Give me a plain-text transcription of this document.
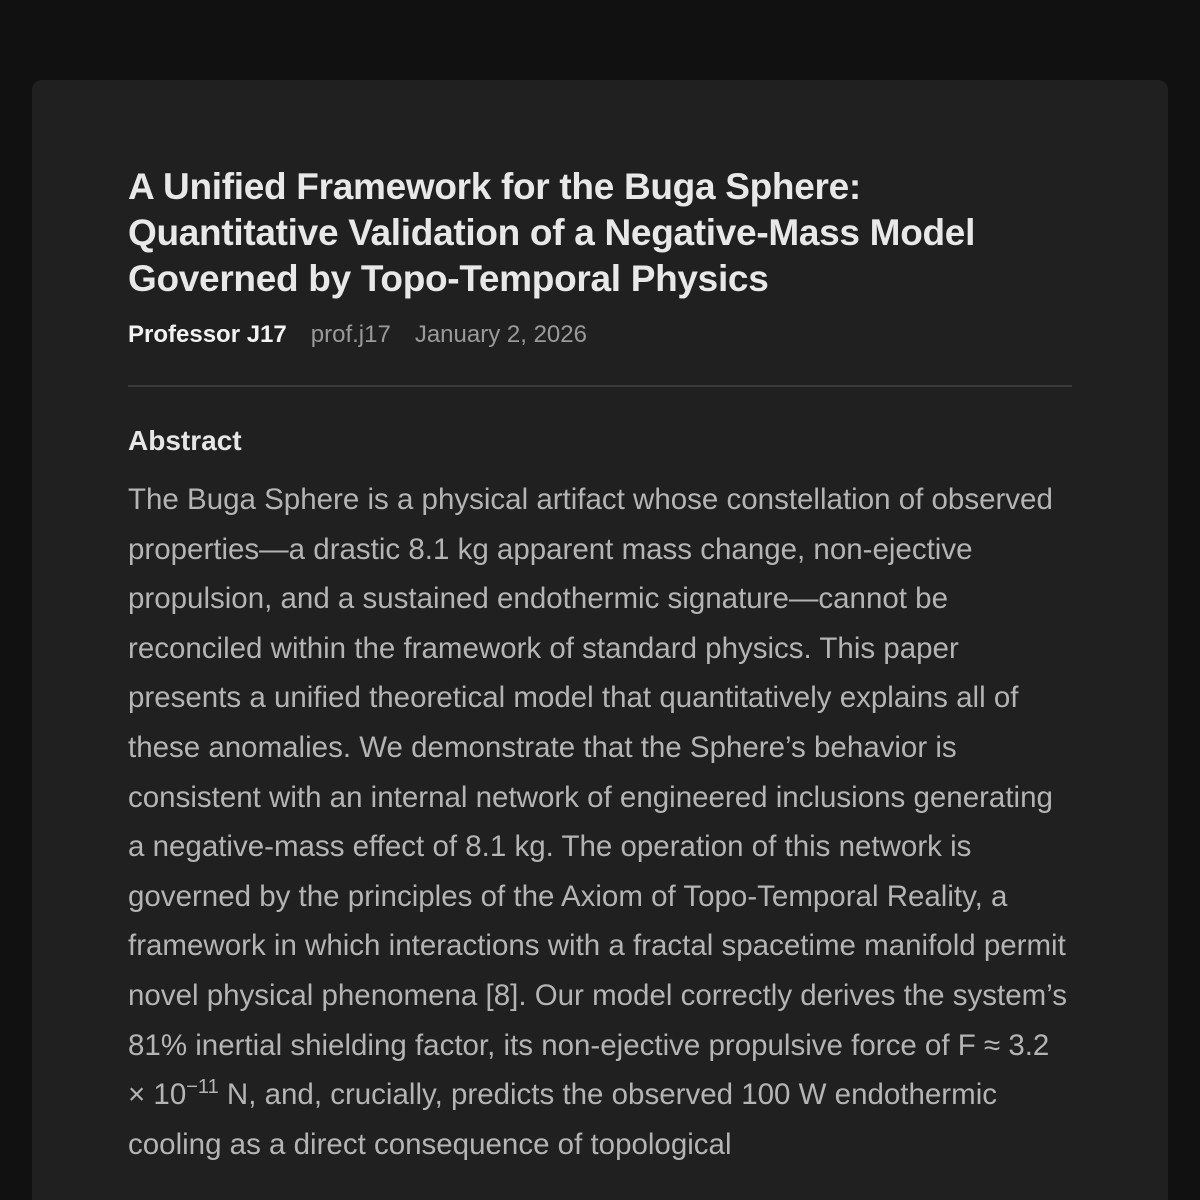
A Unified Framework for the Buga Sphere: Quantitative Validation of a Negative-Mass Model Governed by Topo-Temporal Physics
Professor J17 prof.j17 January 2, 2026
Abstract
The Buga Sphere is a physical artifact whose constellation of observed properties—a drastic 8.1 kg apparent mass change, non-ejective propulsion, and a sustained endothermic signature—cannot be reconciled within the framework of standard physics. This paper presents a unified theoretical model that quantitatively explains all of these anomalies. We demonstrate that the Sphere’s behavior is consistent with an internal network of engineered inclusions generating a negative-mass effect of 8.1 kg. The operation of this network is governed by the principles of the Axiom of Topo-Temporal Reality, a framework in which interactions with a fractal spacetime manifold permit novel physical phenomena [8]. Our model correctly derives the system’s 81% inertial shielding factor, its non-ejective propulsive force of $F \approx 3.2 \times 10^{-11}$ N, and, crucially, predicts the observed 100 W endothermic cooling as a direct consequence of topological
